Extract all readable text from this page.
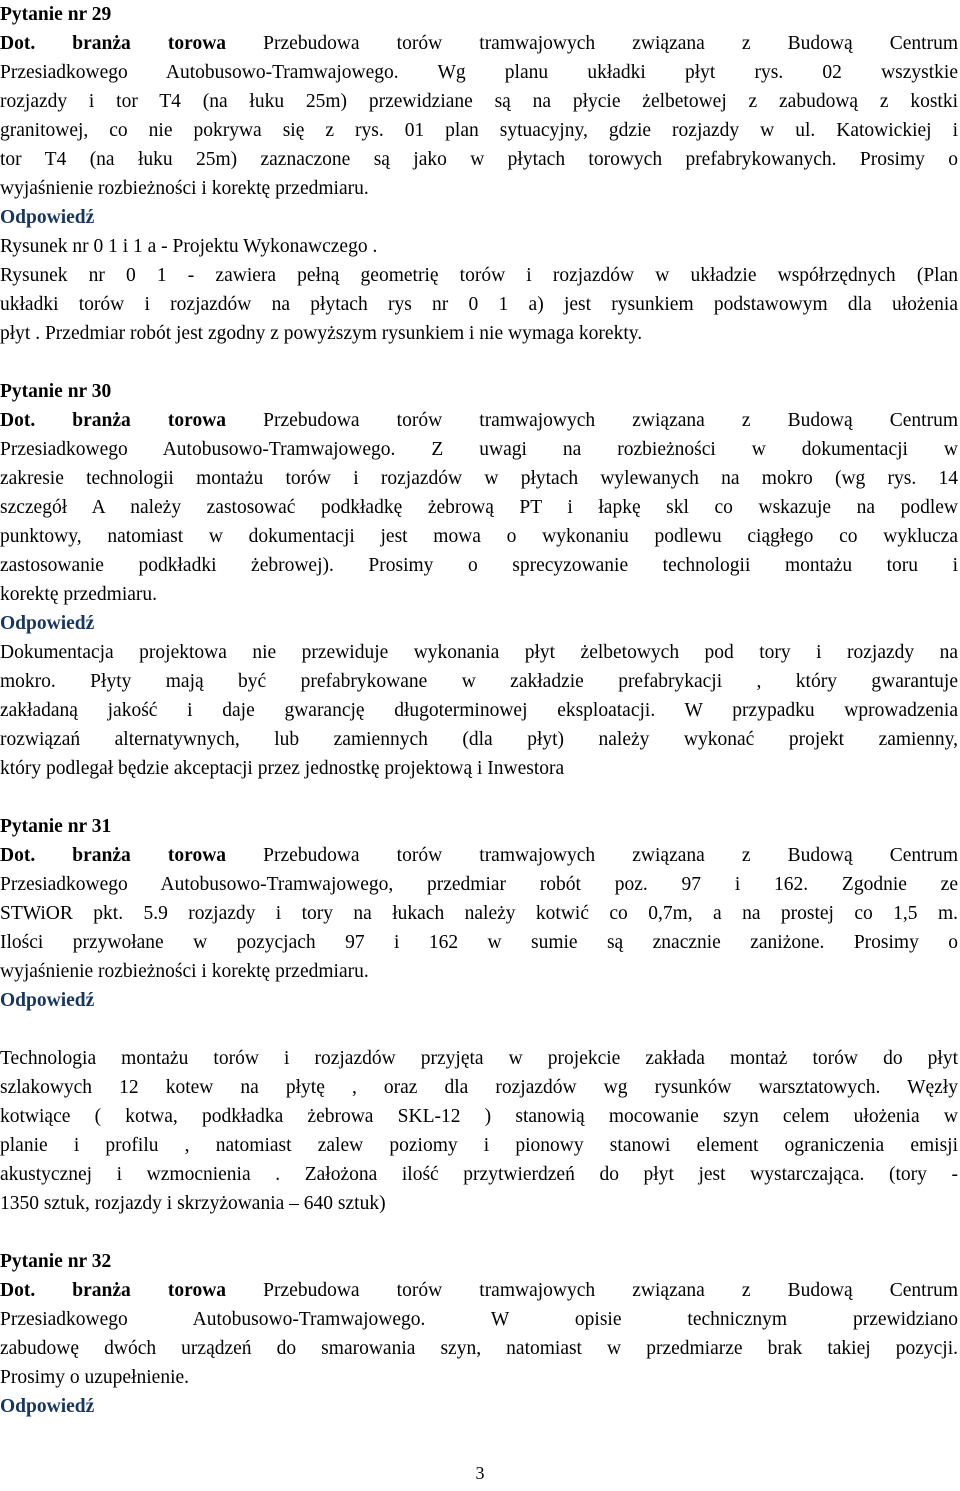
Pytanie nr 29
Dot. branża torowa Przebudowa torów tramwajowych związana z Budową Centrum
Przesiadkowego Autobusowo-Tramwajowego. Wg planu układki płyt rys. 02 wszystkie
rozjazdy i tor T4 (na łuku 25m) przewidziane są na płycie żelbetowej z zabudową z kostki
granitowej, co nie pokrywa się z rys. 01 plan sytuacyjny, gdzie rozjazdy w ul. Katowickiej i
tor T4 (na łuku 25m) zaznaczone są jako w płytach torowych prefabrykowanych. Prosimy o
wyjaśnienie rozbieżności i korektę przedmiaru.
Odpowiedź
Rysunek nr 0 1 i 1 a - Projektu Wykonawczego .
Rysunek nr 0 1 - zawiera pełną geometrię torów i rozjazdów w układzie współrzędnych (Plan
układki torów i rozjazdów na płytach rys nr 0 1 a) jest rysunkiem podstawowym dla ułożenia
płyt . Przedmiar robót jest zgodny z powyższym rysunkiem i nie wymaga korekty.
Pytanie nr 30
Dot. branża torowa Przebudowa torów tramwajowych związana z Budową Centrum
Przesiadkowego Autobusowo-Tramwajowego. Z uwagi na rozbieżności w dokumentacji w
zakresie technologii montażu torów i rozjazdów w płytach wylewanych na mokro (wg rys. 14
szczegół A należy zastosować podkładkę żebrową PT i łapkę skl co wskazuje na podlew
punktowy, natomiast w dokumentacji jest mowa o wykonaniu podlewu ciągłego co wyklucza
zastosowanie podkładki żebrowej). Prosimy o sprecyzowanie technologii montażu toru i
korektę przedmiaru.
Odpowiedź
Dokumentacja projektowa nie przewiduje wykonania płyt żelbetowych pod tory i rozjazdy na
mokro. Płyty mają być prefabrykowane w zakładzie prefabrykacji , który gwarantuje
zakładaną jakość i daje gwarancję długoterminowej eksploatacji. W przypadku wprowadzenia
rozwiązań alternatywnych, lub zamiennych (dla płyt) należy wykonać projekt zamienny,
który podlegał będzie akceptacji przez jednostkę projektową i Inwestora
Pytanie nr 31
Dot. branża torowa Przebudowa torów tramwajowych związana z Budową Centrum
Przesiadkowego Autobusowo-Tramwajowego, przedmiar robót poz. 97 i 162. Zgodnie ze
STWiOR pkt. 5.9 rozjazdy i tory na łukach należy kotwić co 0,7m, a na prostej co 1,5 m.
Ilości przywołane w pozycjach 97 i 162 w sumie są znacznie zaniżone. Prosimy o
wyjaśnienie rozbieżności i korektę przedmiaru.
Odpowiedź
Technologia montażu torów i rozjazdów przyjęta w projekcie zakłada montaż torów do płyt
szlakowych 12 kotew na płytę , oraz dla rozjazdów wg rysunków warsztatowych. Węzły
kotwiące ( kotwa, podkładka żebrowa SKL-12 ) stanowią mocowanie szyn celem ułożenia w
planie i profilu , natomiast zalew poziomy i pionowy stanowi element ograniczenia emisji
akustycznej i wzmocnienia . Założona ilość przytwierdzeń do płyt jest wystarczająca. (tory -
1350 sztuk, rozjazdy i skrzyżowania – 640 sztuk)
Pytanie nr 32
Dot. branża torowa Przebudowa torów tramwajowych związana z Budową Centrum
Przesiadkowego Autobusowo-Tramwajowego. W opisie technicznym przewidziano
zabudowę dwóch urządzeń do smarowania szyn, natomiast w przedmiarze brak takiej pozycji.
Prosimy o uzupełnienie.
Odpowiedź
3
